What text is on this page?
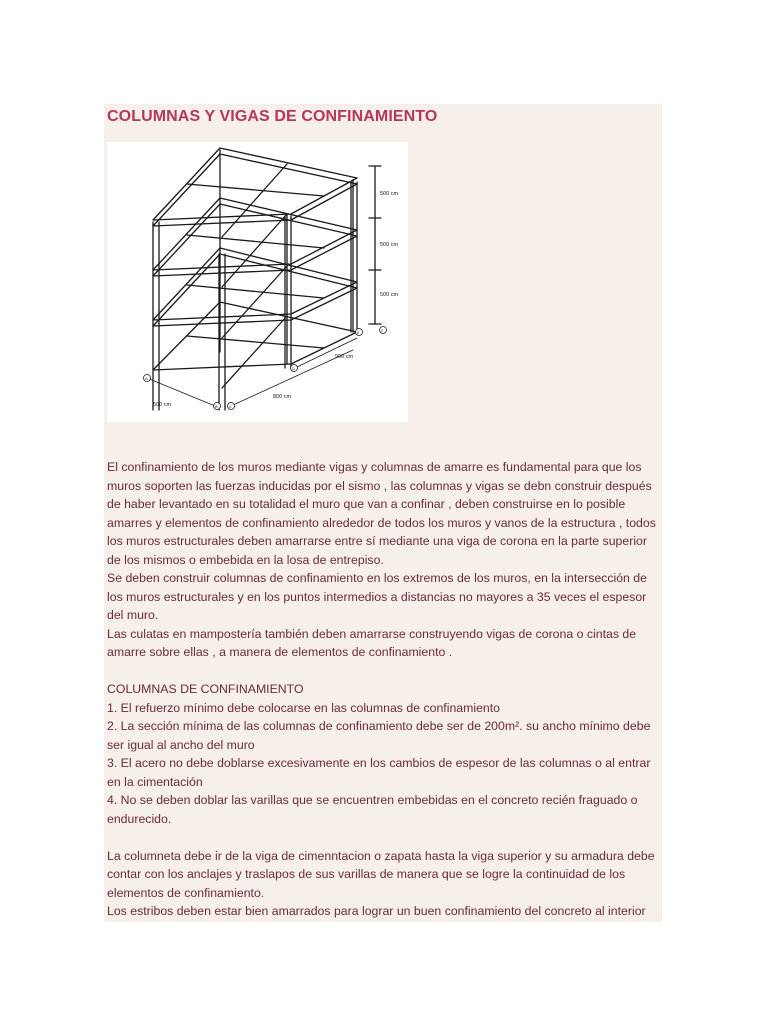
COLUMNAS Y VIGAS DE CONFINAMIENTO
500 cm
500 cm
500 cm
900 cm
800 cm
500 cm
A
B	C
D
E	F

El confinamiento de los muros mediante vigas y columnas de amarre es fundamental para que los muros soporten las fuerzas inducidas por el sismo , las columnas y vigas se debn construir después de haber levantado en su totalidad el muro que van a confinar , deben construirse en lo posible amarres y elementos de confinamiento alrededor de todos los muros y vanos de la estructura , todos los muros estructurales deben amarrarse entre sí mediante una viga de corona en la parte superior de los mismos o embebida en la losa de entrepiso.

Se deben construir columnas de confinamiento en los extremos de los muros, en la intersección de los muros estructurales y en los puntos intermedios a distancias no mayores a 35 veces el espesor del muro.

Las culatas en mampostería también deben amarrarse construyendo vigas de corona o cintas de amarre sobre ellas , a manera de elementos de confinamiento .

COLUMNAS DE CONFINAMIENTO

1. El refuerzo mínimo debe colocarse en las columnas de confinamiento

2. La sección mínima de las columnas de confinamiento debe ser de 200m². su ancho mínimo debe ser igual al ancho del muro

3. El acero no debe doblarse excesivamente en los cambios de espesor de las columnas o al entrar en la cimentación

4. No se deben doblar las varillas que se encuentren embebidas en el concreto recién fraguado o endurecido.

La columneta debe ir de la viga de cimenntacion o zapata hasta la viga superior y su armadura debe contar con los anclajes y traslapos de sus varillas de manera que se logre la continuidad de los elementos de confinamiento.

Los estribos deben estar bien amarrados para lograr un buen confinamiento del concreto al interior
